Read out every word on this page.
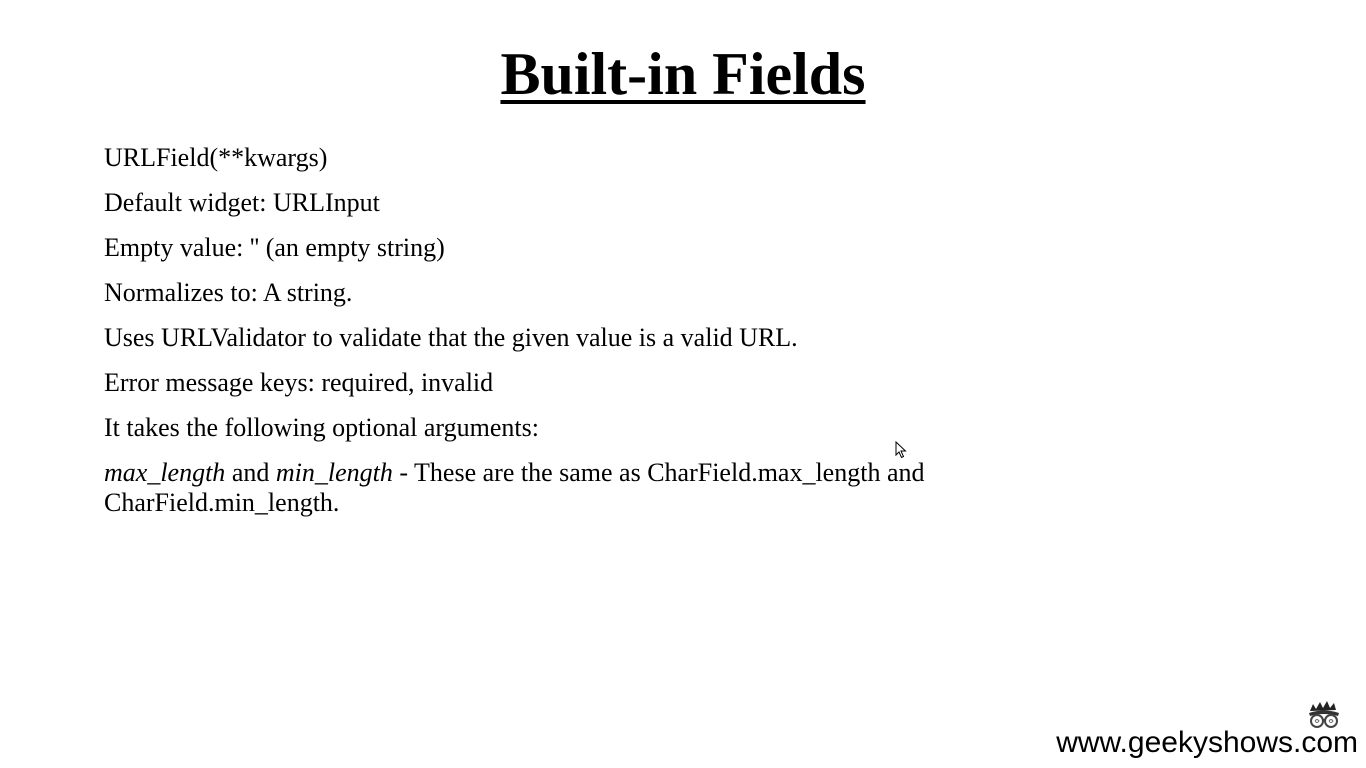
Built-in Fields

URLField(**kwargs)

Default widget: URLInput

Empty value: '' (an empty string)

Normalizes to: A string.

Uses URLValidator to validate that the given value is a valid URL.

Error message keys: required, invalid

It takes the following optional arguments:

max_length and min_length - These are the same as CharField.max_length and CharField.min_length.

www.geekyshows.com
